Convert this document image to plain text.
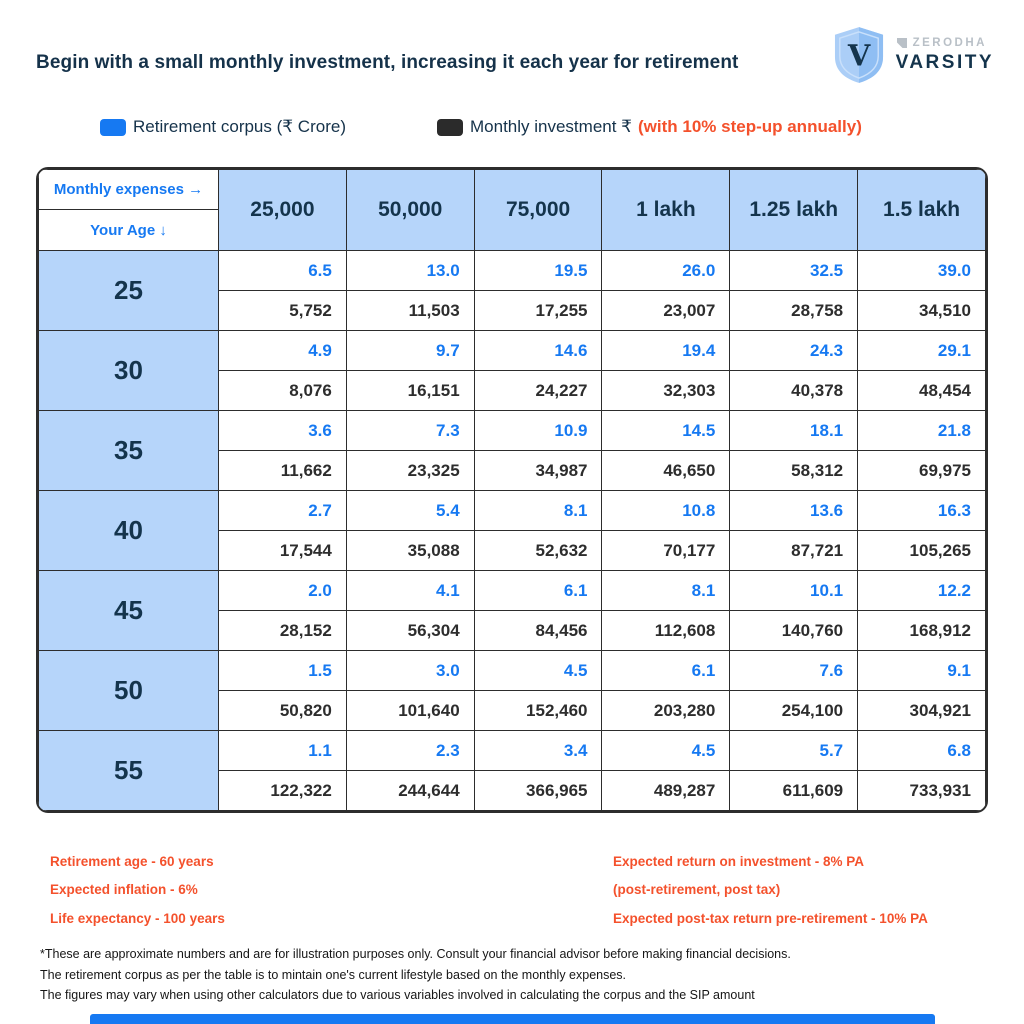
Begin with a small monthly investment, increasing it each year for retirement	V	ZERODHA
VARSITY
Retirement corpus (₹ Crore)	Monthly investment ₹ (with 10% step-up annually)
Monthly expenses →
Your Age ↓	25,000	50,000	75,000	1 lakh	1.25 lakh	1.5 lakh
25	6.5	13.0	19.5	26.0	32.5	39.0
	5,752	11,503	17,255	23,007	28,758	34,510
30	4.9	9.7	14.6	19.4	24.3	29.1
	8,076	16,151	24,227	32,303	40,378	48,454
35	3.6	7.3	10.9	14.5	18.1	21.8
	11,662	23,325	34,987	46,650	58,312	69,975
40	2.7	5.4	8.1	10.8	13.6	16.3
	17,544	35,088	52,632	70,177	87,721	105,265
45	2.0	4.1	6.1	8.1	10.1	12.2
	28,152	56,304	84,456	112,608	140,760	168,912
50	1.5	3.0	4.5	6.1	7.6	9.1
	50,820	101,640	152,460	203,280	254,100	304,921
55	1.1	2.3	3.4	4.5	5.7	6.8
	122,322	244,644	366,965	489,287	611,609	733,931
Retirement age - 60 years
Expected inflation - 6%
Life expectancy - 100 years
Expected return on investment - 8% PA
(post-retirement, post tax)
Expected post-tax return pre-retirement - 10% PA
*These are approximate numbers and are for illustration purposes only. Consult your financial advisor before making financial decisions.
The retirement corpus as per the table is to mintain one's current lifestyle based on the monthly expenses.
The figures may vary when using other calculators due to various variables involved in calculating the corpus and the SIP amount
